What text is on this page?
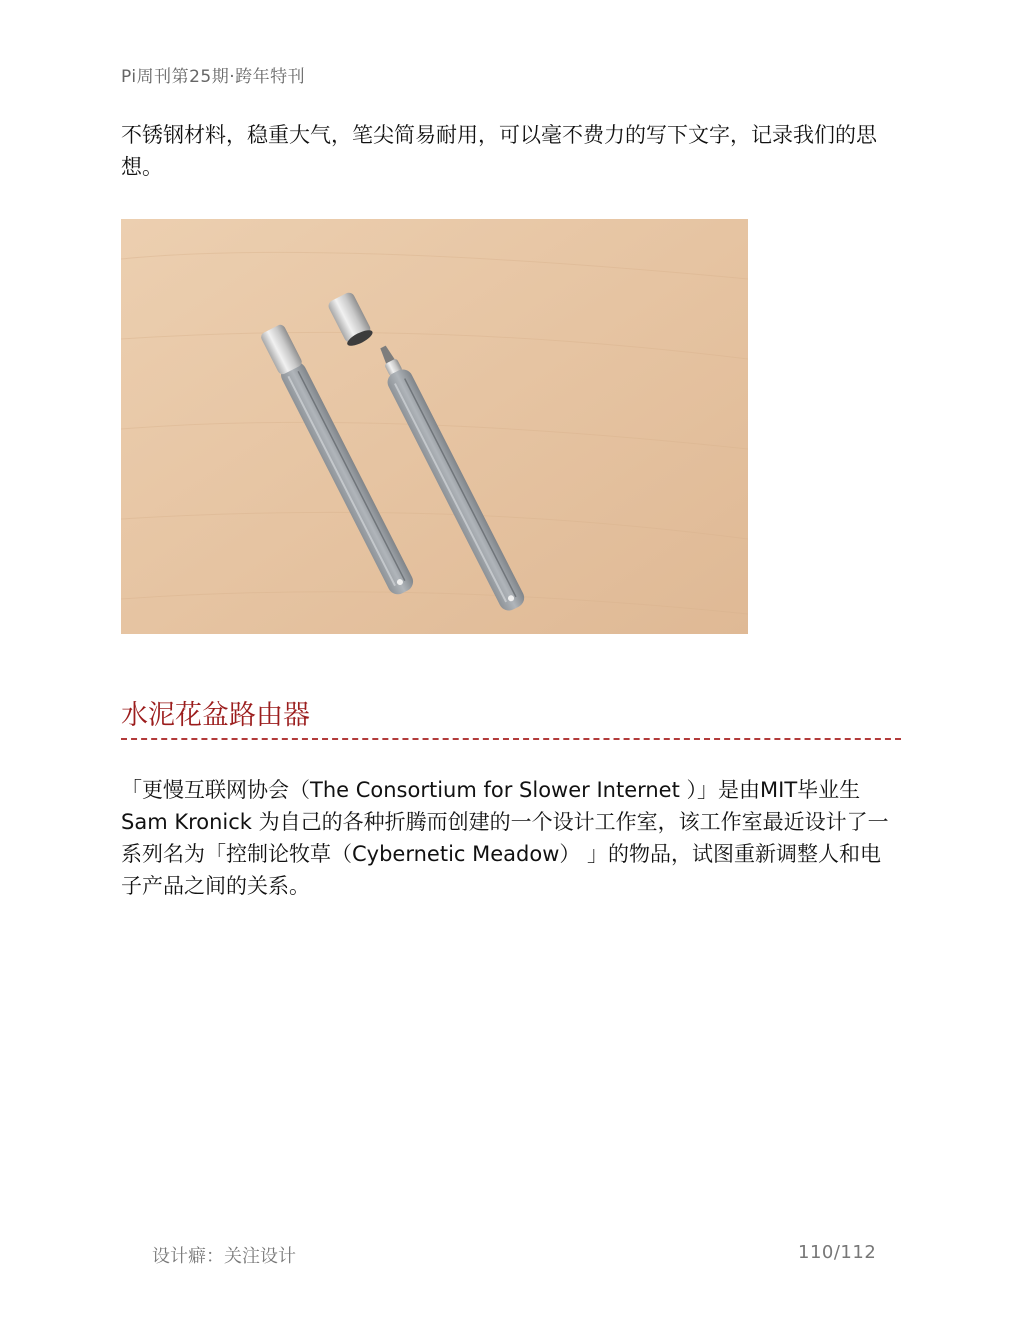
Pi周刊第25期·跨年特刊

不锈钢材料，稳重大气，笔尖简易耐用，可以毫不费力的写下文字，记录我们的思想。

水泥花盆路由器

「更慢互联网协会（The Consortium for Slower Internet ）」是由MIT毕业生Sam Kronick 为自己的各种折腾而创建的一个设计工作室，该工作室最近设计了一系列名为「控制论牧草（Cybernetic Meadow） 」的物品，试图重新调整人和电子产品之间的关系。

设计癖：关注设计	110/112
